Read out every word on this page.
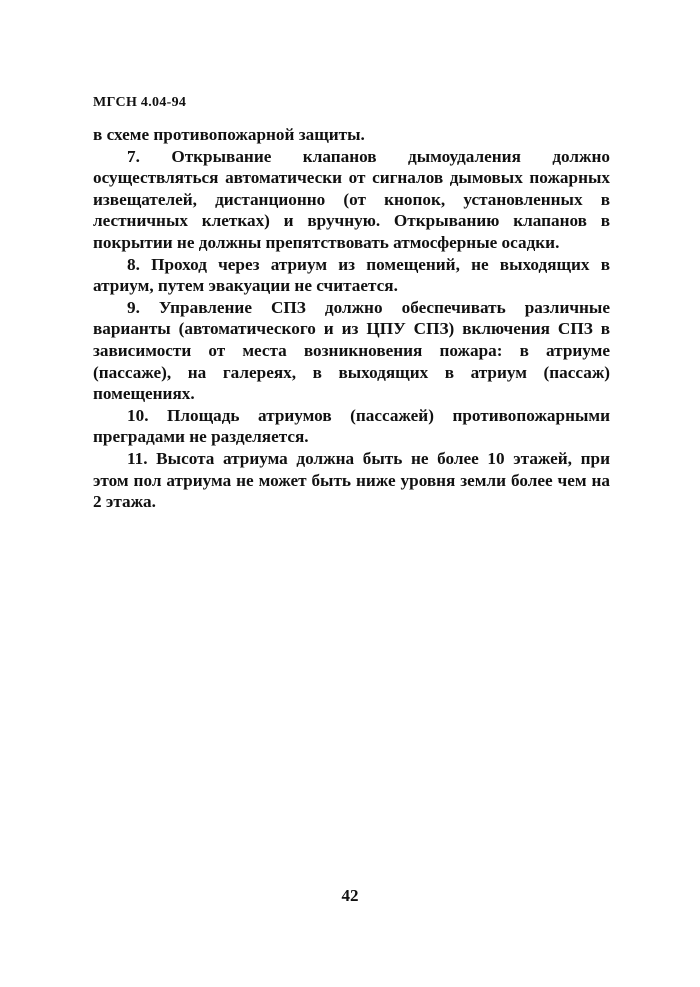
МГСН 4.04-94

в схеме противопожарной защиты.

7. Открывание клапанов дымоудаления должно осуществляться автоматически от сигналов дымовых пожарных извещателей, дистанционно (от кнопок, установленных в лестничных клетках) и вручную. Открыванию клапанов в покрытии не должны препятствовать атмосферные осадки.

8. Проход через атриум из помещений, не выходящих в атриум, путем эвакуации не считается.

9. Управление СПЗ должно обеспечивать различные варианты (автоматического и из ЦПУ СПЗ) включения СПЗ в зависимости от места возникновения пожара: в атриуме (пассаже), на галереях, в выходящих в атриум (пассаж) помещениях.

10. Площадь атриумов (пассажей) противопожарными преградами не разделяется.

11. Высота атриума должна быть не более 10 этажей, при этом пол атриума не может быть ниже уровня земли более чем на 2 этажа.

42
